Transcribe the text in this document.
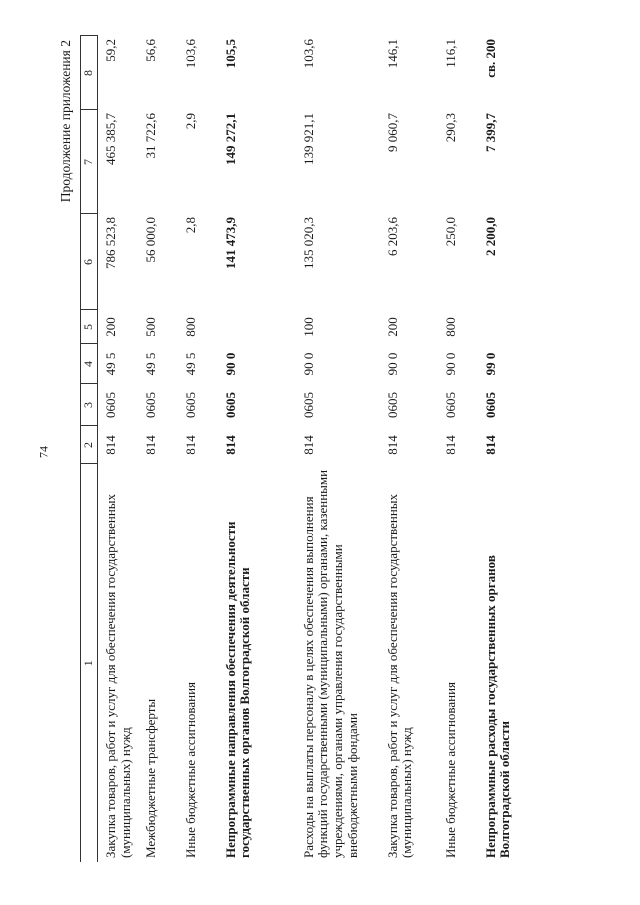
74
Продолжение приложения 2
1	2	3	4	5	6	7	8
Закупка товаров, работ и услуг для обеспечения государственных (муниципальных) нужд	814	0605	49 5	200	786 523,8	465 385,7	59,2
Межбюджетные трансферты	814	0605	49 5	500	56 000,0	31 722,6	56,6
Иные бюджетные ассигнования	814	0605	49 5	800	2,8	2,9	103,6
Непрограммные направления обеспечения деятельности государственных органов Волгоградской области	814	0605	90 0		141 473,9	149 272,1	105,5
Расходы на выплаты персоналу в целях обеспечения выполнения функций государственными (муниципальными) органами, казенными учреждениями, органами управления государственными внебюджетными фондами	814	0605	90 0	100	135 020,3	139 921,1	103,6
Закупка товаров, работ и услуг для обеспечения государственных (муниципальных) нужд	814	0605	90 0	200	6 203,6	9 060,7	146,1
Иные бюджетные ассигнования	814	0605	90 0	800	250,0	290,3	116,1
Непрограммные расходы государственных органов Волгоградской области	814	0605	99 0		2 200,0	7 399,7	св. 200
